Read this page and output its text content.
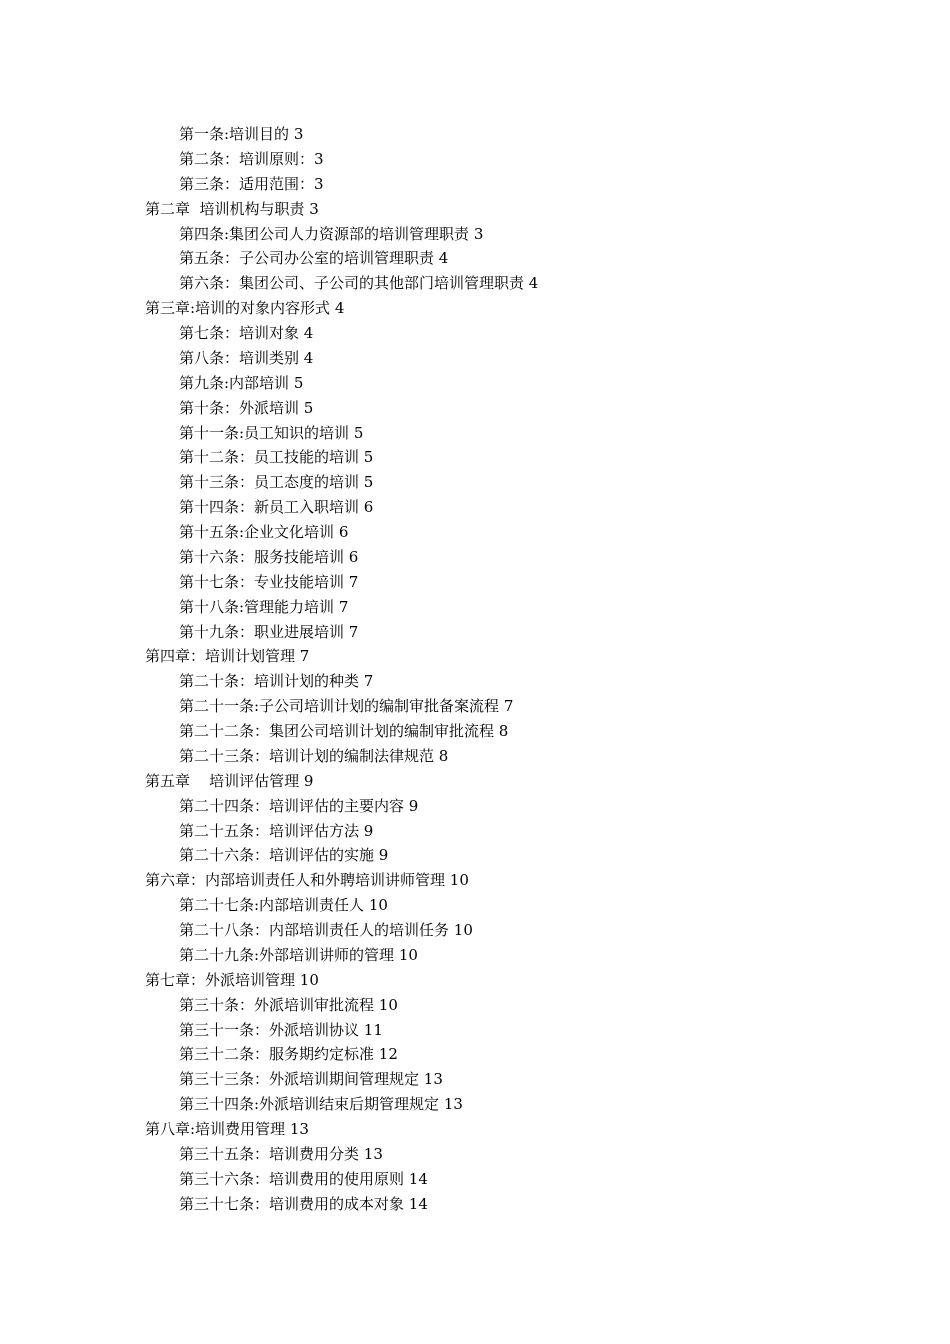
第一条:培训目的 3
第二条：培训原则：3
第三条：适用范围：3
第二章  培训机构与职责 3
第四条:集团公司人力资源部的培训管理职责 3
第五条：子公司办公室的培训管理职责 4
第六条：集团公司、子公司的其他部门培训管理职责 4
第三章:培训的对象内容形式 4
第七条：培训对象 4
第八条：培训类别 4
第九条:内部培训 5
第十条：外派培训 5
第十一条:员工知识的培训 5
第十二条：员工技能的培训 5
第十三条：员工态度的培训 5
第十四条：新员工入职培训 6
第十五条:企业文化培训 6
第十六条：服务技能培训 6
第十七条：专业技能培训 7
第十八条:管理能力培训 7
第十九条：职业进展培训 7
第四章：培训计划管理 7
第二十条：培训计划的种类 7
第二十一条:子公司培训计划的编制审批备案流程 7
第二十二条：集团公司培训计划的编制审批流程 8
第二十三条：培训计划的编制法律规范 8
第五章    培训评估管理 9
第二十四条：培训评估的主要内容 9
第二十五条：培训评估方法 9
第二十六条：培训评估的实施 9
第六章：内部培训责任人和外聘培训讲师管理 10
第二十七条:内部培训责任人 10
第二十八条：内部培训责任人的培训任务 10
第二十九条:外部培训讲师的管理 10
第七章：外派培训管理 10
第三十条：外派培训审批流程 10
第三十一条：外派培训协议 11
第三十二条：服务期约定标准 12
第三十三条：外派培训期间管理规定 13
第三十四条:外派培训结束后期管理规定 13
第八章:培训费用管理 13
第三十五条：培训费用分类 13
第三十六条：培训费用的使用原则 14
第三十七条：培训费用的成本对象 14
